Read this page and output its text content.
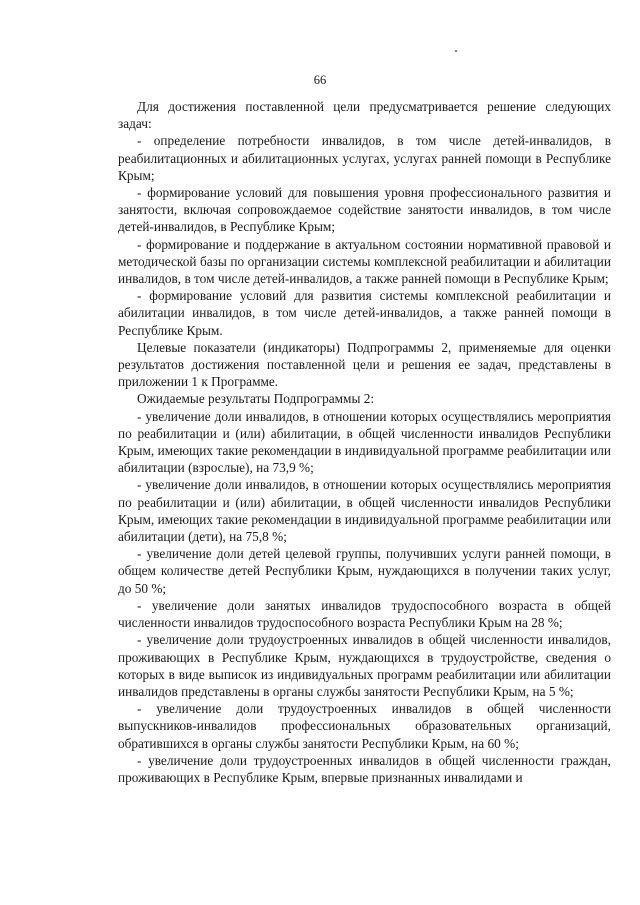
66

Для достижения поставленной цели предусматривается решение следующих задач:

- определение потребности инвалидов, в том числе детей-инвалидов, в реабилитационных и абилитационных услугах, услугах ранней помощи в Республике Крым;

- формирование условий для повышения уровня профессионального развития и занятости, включая сопровождаемое содействие занятости инвалидов, в том числе детей-инвалидов, в Республике Крым;

- формирование и поддержание в актуальном состоянии нормативной правовой и методической базы по организации системы комплексной реабилитации и абилитации инвалидов, в том числе детей-инвалидов, а также ранней помощи в Республике Крым;

- формирование условий для развития системы комплексной реабилитации и абилитации инвалидов, в том числе детей-инвалидов, а также ранней помощи в Республике Крым.

Целевые показатели (индикаторы) Подпрограммы 2, применяемые для оценки результатов достижения поставленной цели и решения ее задач, представлены в приложении 1 к Программе.

Ожидаемые результаты Подпрограммы 2:

- увеличение доли инвалидов, в отношении которых осуществлялись мероприятия по реабилитации и (или) абилитации, в общей численности инвалидов Республики Крым, имеющих такие рекомендации в индивидуальной программе реабилитации или абилитации (взрослые), на 73,9 %;

- увеличение доли инвалидов, в отношении которых осуществлялись мероприятия по реабилитации и (или) абилитации, в общей численности инвалидов Республики Крым, имеющих такие рекомендации в индивидуальной программе реабилитации или абилитации (дети), на 75,8 %;

- увеличение доли детей целевой группы, получивших услуги ранней помощи, в общем количестве детей Республики Крым, нуждающихся в получении таких услуг, до 50 %;

- увеличение доли занятых инвалидов трудоспособного возраста в общей численности инвалидов трудоспособного возраста Республики Крым на 28 %;

- увеличение доли трудоустроенных инвалидов в общей численности инвалидов, проживающих в Республике Крым, нуждающихся в трудоустройстве, сведения о которых в виде выписок из индивидуальных программ реабилитации или абилитации инвалидов представлены в органы службы занятости Республики Крым, на 5 %;

- увеличение доли трудоустроенных инвалидов в общей численности выпускников-инвалидов профессиональных образовательных организаций, обратившихся в органы службы занятости Республики Крым, на 60 %;

- увеличение доли трудоустроенных инвалидов в общей численности граждан, проживающих в Республике Крым, впервые признанных инвалидами и
